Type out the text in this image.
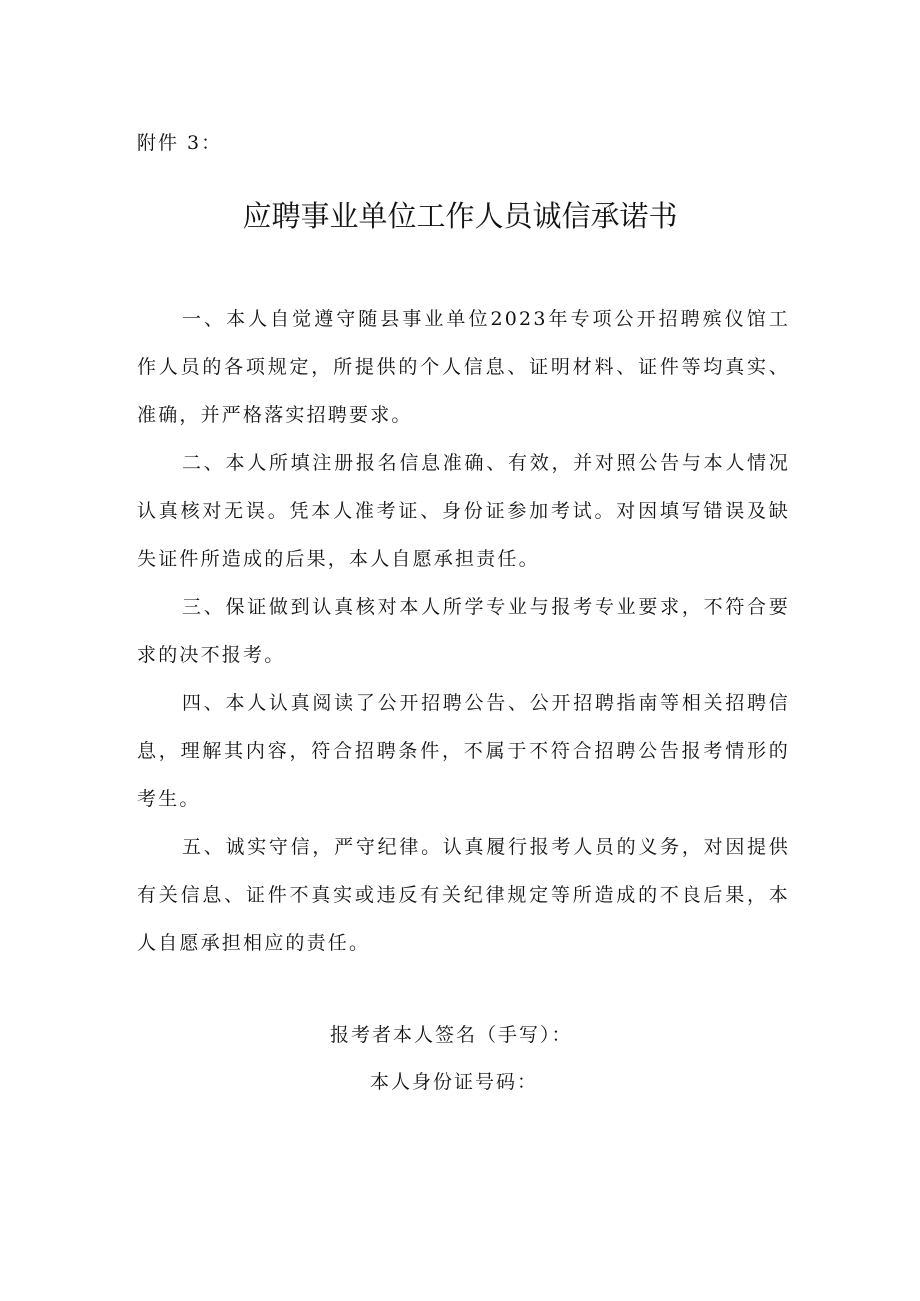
附件 3：
应聘事业单位工作人员诚信承诺书

一、本人自觉遵守随县事业单位2023年专项公开招聘殡仪馆工作人员的各项规定，所提供的个人信息、证明材料、证件等均真实、准确，并严格落实招聘要求。

二、本人所填注册报名信息准确、有效，并对照公告与本人情况认真核对无误。凭本人准考证、身份证参加考试。对因填写错误及缺失证件所造成的后果，本人自愿承担责任。

三、保证做到认真核对本人所学专业与报考专业要求，不符合要求的决不报考。

四、本人认真阅读了公开招聘公告、公开招聘指南等相关招聘信息，理解其内容，符合招聘条件，不属于不符合招聘公告报考情形的考生。

五、诚实守信，严守纪律。认真履行报考人员的义务，对因提供有关信息、证件不真实或违反有关纪律规定等所造成的不良后果，本人自愿承担相应的责任。

报考者本人签名（手写）：
本人身份证号码：
